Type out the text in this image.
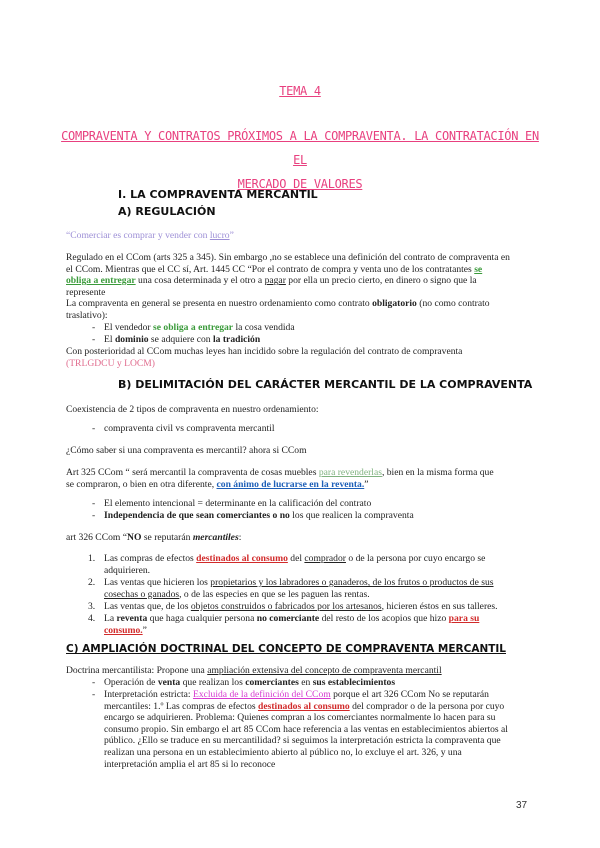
TEMA 4
COMPRAVENTA Y CONTRATOS PRÓXIMOS A LA COMPRAVENTA. LA CONTRATACIÓN EN EL
MERCADO DE VALORES
I. LA COMPRAVENTA MERCANTIL
A) REGULACIÓN
“Comerciar es comprar y vender con lucro”
Regulado en el CCom (arts 325 a 345). Sin embargo ,no se establece una definición del contrato de compraventa en
el CCom. Mientras que el CC sí, Art. 1445 CC “Por el contrato de compra y venta uno de los contratantes se
obliga a entregar una cosa determinada y el otro a pagar por ella un precio cierto, en dinero o signo que la
represente
La compraventa en general se presenta en nuestro ordenamiento como contrato obligatorio (no como contrato
traslativo):
- El vendedor se obliga a entregar la cosa vendida
- El dominio se adquiere con la tradición
Con posterioridad al CCom muchas leyes han incidido sobre la regulación del contrato de compraventa
(TRLGDCU y LOCM)
B) DELIMITACIÓN DEL CARÁCTER MERCANTIL DE LA COMPRAVENTA
Coexistencia de 2 tipos de compraventa en nuestro ordenamiento:
- compraventa civil vs compraventa mercantil
¿Cómo saber si una compraventa es mercantil? ahora si CCom
Art 325 CCom “ será mercantil la compraventa de cosas muebles para revenderlas, bien en la misma forma que
se compraron, o bien en otra diferente, con ánimo de lucrarse en la reventa.”
- El elemento intencional = determinante en la calificación del contrato
- Independencia de que sean comerciantes o no los que realicen la compraventa
art 326 CCom “NO se reputarán mercantiles:
1. Las compras de efectos destinados al consumo del comprador o de la persona por cuyo encargo se
adquirieren.
2. Las ventas que hicieren los propietarios y los labradores o ganaderos, de los frutos o productos de sus
cosechas o ganados, o de las especies en que se les paguen las rentas.
3. Las ventas que, de los objetos construidos o fabricados por los artesanos, hicieren éstos en sus talleres.
4. La reventa que haga cualquier persona no comerciante del resto de los acopios que hizo para su
consumo.”
C) AMPLIACIÓN DOCTRINAL DEL CONCEPTO DE COMPRAVENTA MERCANTIL
Doctrina mercantilista: Propone una ampliación extensiva del concepto de compraventa mercantil
- Operación de venta que realizan los comerciantes en sus establecimientos
- Interpretación estricta: Excluida de la definición del CCom porque el art 326 CCom No se reputarán
mercantiles: 1.º Las compras de efectos destinados al consumo del comprador o de la persona por cuyo
encargo se adquirieren. Problema: Quienes compran a los comerciantes normalmente lo hacen para su
consumo propio. Sin embargo el art 85 CCom hace referencia a las ventas en establecimientos abiertos al
público. ¿Ello se traduce en su mercantilidad? si seguimos la interpretación estricta la compraventa que
realizan una persona en un establecimiento abierto al público no, lo excluye el art. 326, y una
interpretación amplia el art 85 si lo reconoce
37
